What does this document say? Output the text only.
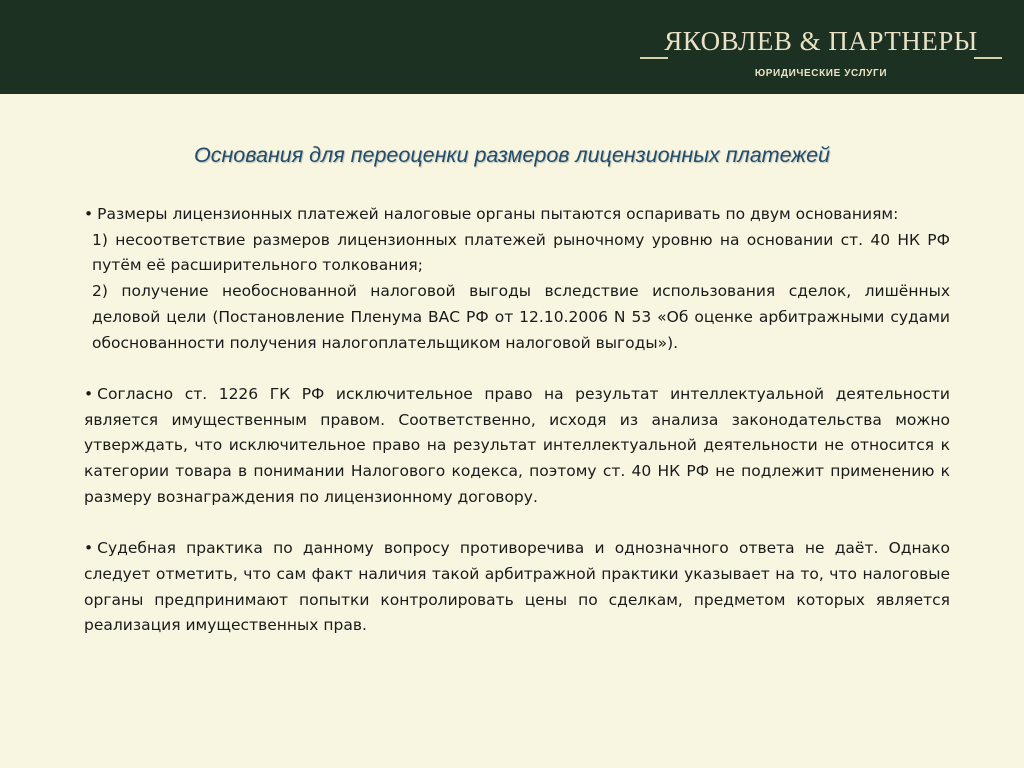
ЯКОВЛЕВ & ПАРТНЕРЫ
ЮРИДИЧЕСКИЕ УСЛУГИ
Основания для переоценки размеров лицензионных платежей

• Размеры лицензионных платежей налоговые органы пытаются оспаривать по двум основаниям:

1) несоответствие размеров лицензионных платежей рыночному уровню на основании ст. 40 НК РФ путём её расширительного толкования;

2) получение необоснованной налоговой выгоды вследствие использования сделок, лишённых деловой цели (Постановление Пленума ВАС РФ от 12.10.2006 N 53 «Об оценке арбитражными судами обоснованности получения налогоплательщиком налоговой выгоды»).

• Согласно ст. 1226 ГК РФ исключительное право на результат интеллектуальной деятельности является имущественным правом. Соответственно, исходя из анализа законодательства можно утверждать, что исключительное право на результат интеллектуальной деятельности не относится к категории товара в понимании Налогового кодекса, поэтому ст. 40 НК РФ не подлежит применению к размеру вознаграждения по лицензионному договору.

• Судебная практика по данному вопросу противоречива и однозначного ответа не даёт. Однако следует отметить, что сам факт наличия такой арбитражной практики указывает на то, что налоговые органы предпринимают попытки контролировать цены по сделкам, предметом которых является реализация имущественных прав.
